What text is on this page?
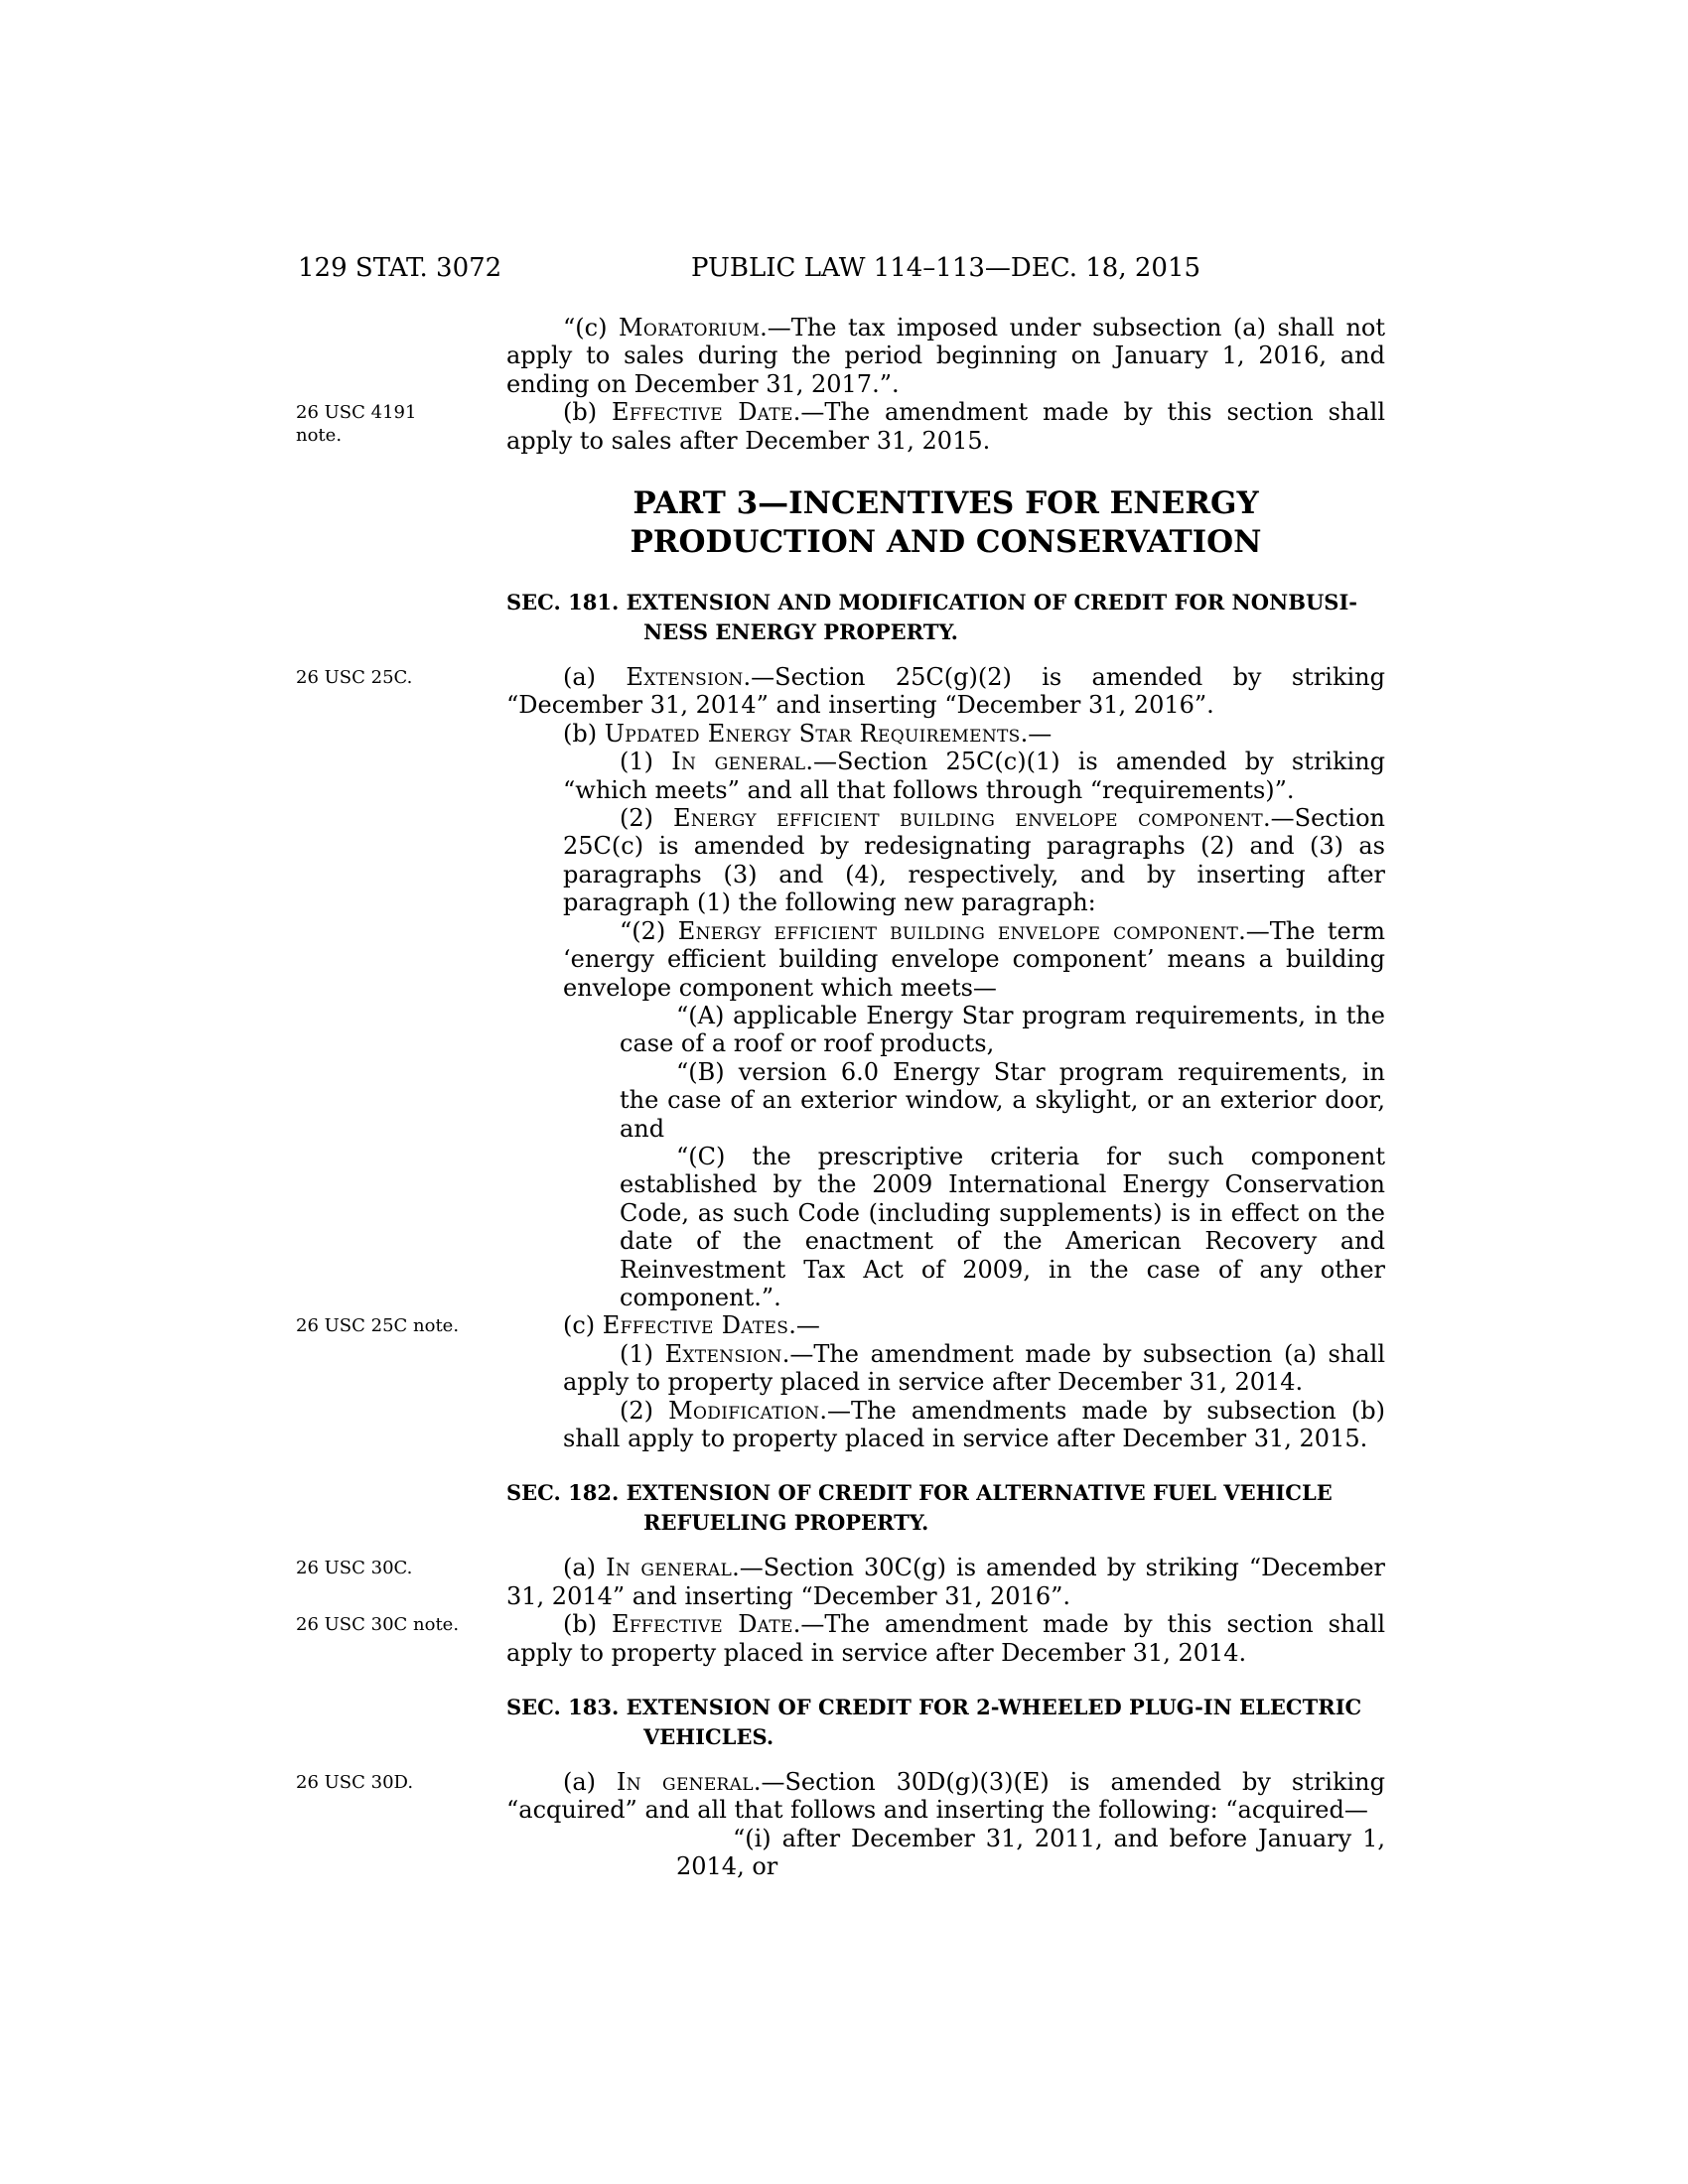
129 STAT. 3072	PUBLIC LAW 114–113—DEC. 18, 2015

“(c) Moratorium.—The tax imposed under subsection (a) shall not apply to sales during the period beginning on January 1, 2016, and ending on December 31, 2017.”.

26 USC 4191
note.
(b) Effective Date.—The amendment made by this section shall apply to sales after December 31, 2015.

PART 3—INCENTIVES FOR ENERGY
PRODUCTION AND CONSERVATION
SEC. 181. EXTENSION AND MODIFICATION OF CREDIT FOR NONBUSI-
NESS ENERGY PROPERTY.

26 USC 25C.	(a) Extension.—Section 25C(g)(2) is amended by striking “December 31, 2014” and inserting “December 31, 2016”.

(b) Updated Energy Star Requirements.—

(1) In general.—Section 25C(c)(1) is amended by striking “which meets” and all that follows through “requirements)”.

(2) Energy efficient building envelope component.—Section 25C(c) is amended by redesignating paragraphs (2) and (3) as paragraphs (3) and (4), respectively, and by inserting after paragraph (1) the following new paragraph:

“(2) Energy efficient building envelope component.—The term ‘energy efficient building envelope component’ means a building envelope component which meets—

“(A) applicable Energy Star program requirements, in the case of a roof or roof products,

“(B) version 6.0 Energy Star program requirements, in the case of an exterior window, a skylight, or an exterior door, and

“(C) the prescriptive criteria for such component established by the 2009 International Energy Conservation Code, as such Code (including supplements) is in effect on the date of the enactment of the American Recovery and Reinvestment Tax Act of 2009, in the case of any other component.”.

26 USC 25C note.	(c) Effective Dates.—

(1) Extension.—The amendment made by subsection (a) shall apply to property placed in service after December 31, 2014.

(2) Modification.—The amendments made by subsection (b) shall apply to property placed in service after December 31, 2015.

SEC. 182. EXTENSION OF CREDIT FOR ALTERNATIVE FUEL VEHICLE
REFUELING PROPERTY.

26 USC 30C.	(a) In general.—Section 30C(g) is amended by striking “December 31, 2014” and inserting “December 31, 2016”.

26 USC 30C note.	(b) Effective Date.—The amendment made by this section shall apply to property placed in service after December 31, 2014.

SEC. 183. EXTENSION OF CREDIT FOR 2-WHEELED PLUG-IN ELECTRIC
VEHICLES.

26 USC 30D.	(a) In general.—Section 30D(g)(3)(E) is amended by striking “acquired” and all that follows and inserting the following: “acquired—

“(i) after December 31, 2011, and before January 1, 2014, or
